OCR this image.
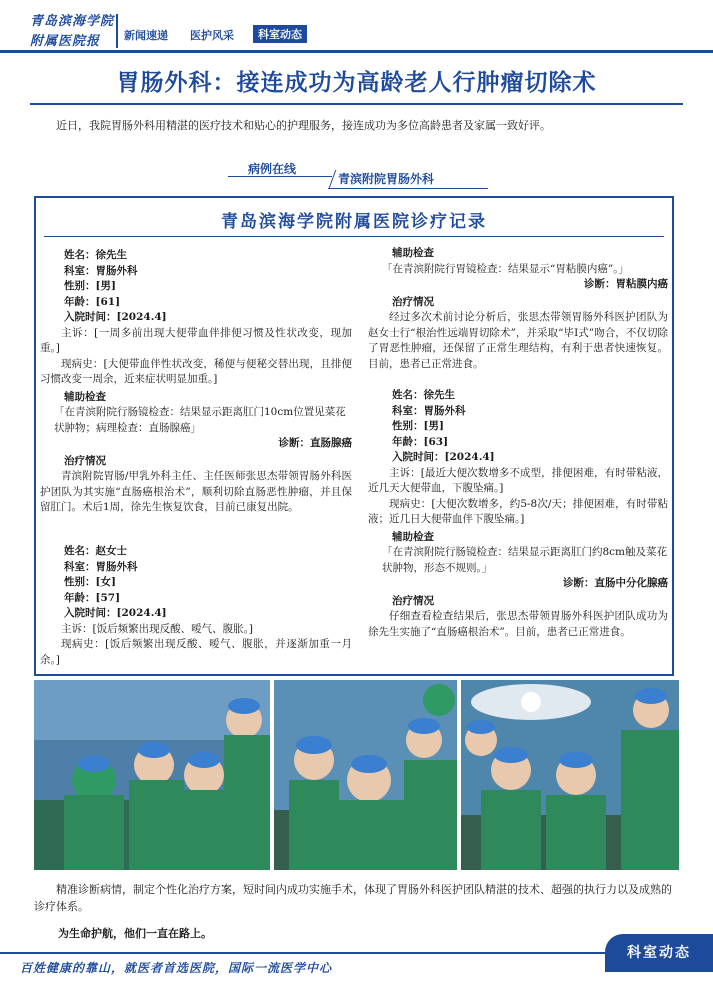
青岛滨海学院
附属医院报 新闻速递 医护风采	科室动态
胃肠外科：接连成功为高龄老人行肿瘤切除术
近日，我院胃肠外科用精湛的医疗技术和贴心的护理服务，接连成功为多位高龄患者及家属一致好评。
病例在线
青滨附院胃肠外科
青岛滨海学院附属医院诊疗记录
姓名：徐先生
科室：胃肠外科
性别：[男]
年龄：[61]
入院时间：[2024.4]
主诉：[一周多前出现大便带血伴排便习惯及性状改变，现加重。]
现病史：[大便带血伴性状改变，稀便与便秘交替出现，且排便习惯改变一周余，近来症状明显加重。]
辅助检查
「在青滨附院行肠镜检查：结果显示距离肛门10cm位置见菜花状肿物；病理检查：直肠腺癌」
诊断：直肠腺癌
治疗情况
青滨附院胃肠/甲乳外科主任、主任医师张思杰带领胃肠外科医护团队为其实施“直肠癌根治术”，顺利切除直肠恶性肿瘤，并且保留肛门。术后1周，徐先生恢复饮食，目前已康复出院。
姓名：赵女士
科室：胃肠外科
性别：[女]
年龄：[57]
入院时间：[2024.4]
主诉：[饭后频繁出现反酸、嗳气、腹胀。]
现病史：[饭后频繁出现反酸、嗳气、腹胀，并逐渐加重一月余。]
辅助检查
「在青滨附院行胃镜检查：结果显示“胃粘膜内癌”。」
诊断：胃粘膜内癌
治疗情况
经过多次术前讨论分析后，张思杰带领胃肠外科医护团队为赵女士行“根治性远端胃切除术”，并采取“毕Ⅰ式”吻合，不仅切除了胃恶性肿瘤，还保留了正常生理结构，有利于患者快速恢复。目前，患者已正常进食。
姓名：徐先生
科室：胃肠外科
性别：[男]
年龄：[63]
入院时间：[2024.4]
主诉：[最近大便次数增多不成型，排便困难，有时带粘液，近几天大便带血，下腹坠痛。]
现病史：[大便次数增多，约5-8次/天；排便困难，有时带粘液；近几日大便带血伴下腹坠痛。]
辅助检查
「在青滨附院行肠镜检查：结果显示距离肛门约8cm触及菜花状肿物，形态不规则。」
诊断：直肠中分化腺癌
治疗情况
仔细查看检查结果后，张思杰带领胃肠外科医护团队成功为徐先生实施了“直肠癌根治术”。目前，患者已正常进食。
精准诊断病情，制定个性化治疗方案，短时间内成功实施手术，体现了胃肠外科医护团队精湛的技术、超强的执行力以及成熟的诊疗体系。
为生命护航，他们一直在路上。
百姓健康的靠山，就医者首选医院，国际一流医学中心
科室动态
